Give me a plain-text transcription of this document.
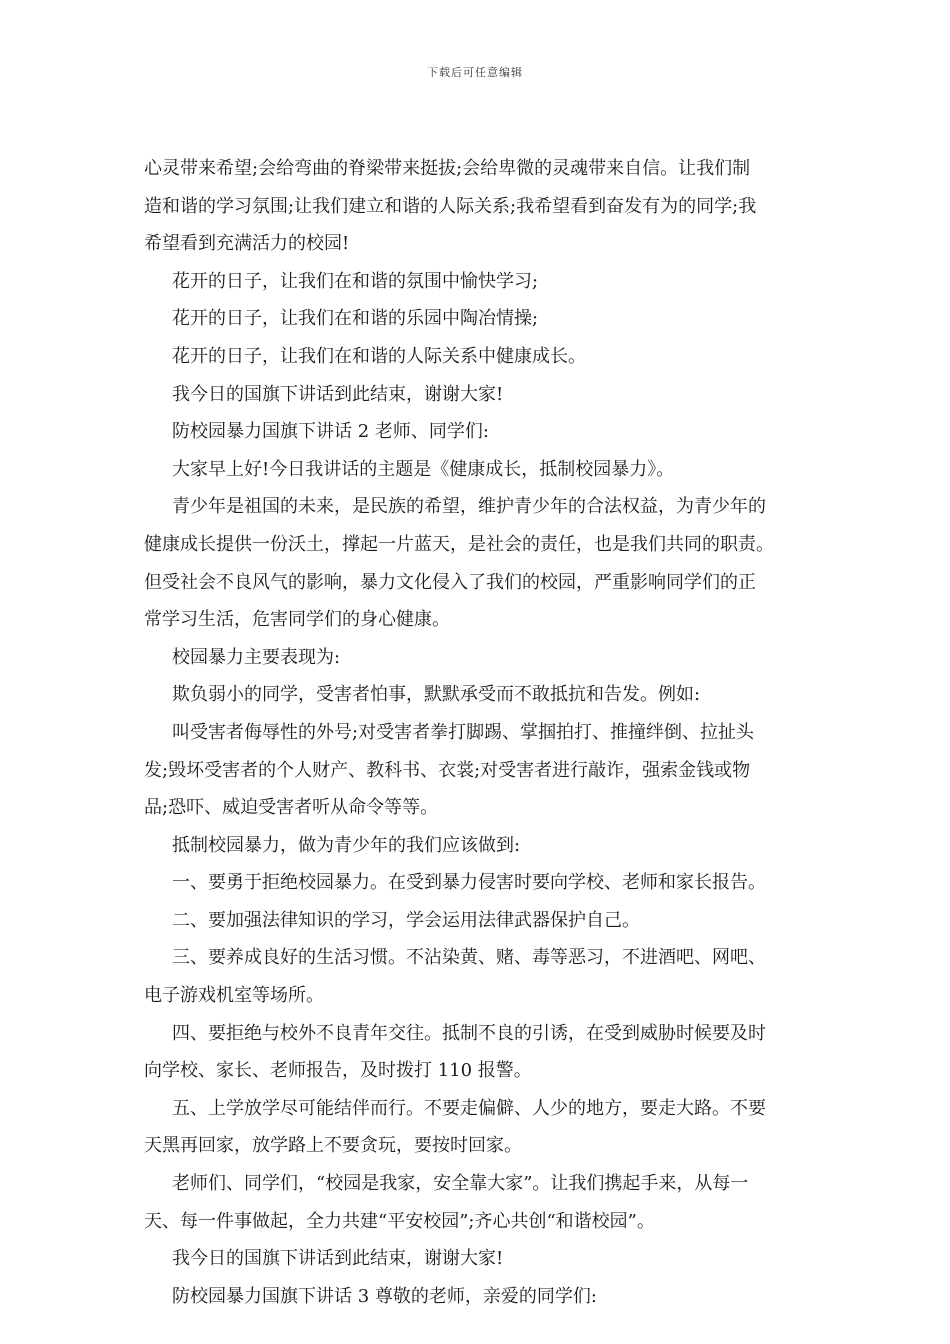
下载后可任意编辑
心灵带来希望;会给弯曲的脊梁带来挺拔;会给卑微的灵魂带来自信。让我们制
造和谐的学习氛围;让我们建立和谐的人际关系;我希望看到奋发有为的同学;我
希望看到充满活力的校园!
花开的日子，让我们在和谐的氛围中愉快学习;
花开的日子，让我们在和谐的乐园中陶冶情操;
花开的日子，让我们在和谐的人际关系中健康成长。
我今日的国旗下讲话到此结束，谢谢大家!
防校园暴力国旗下讲话 2 老师、同学们:
大家早上好!今日我讲话的主题是《健康成长，抵制校园暴力》。
青少年是祖国的未来，是民族的希望，维护青少年的合法权益，为青少年的
健康成长提供一份沃土，撑起一片蓝天，是社会的责任，也是我们共同的职责。
但受社会不良风气的影响，暴力文化侵入了我们的校园，严重影响同学们的正
常学习生活，危害同学们的身心健康。
校园暴力主要表现为:
欺负弱小的同学，受害者怕事，默默承受而不敢抵抗和告发。例如:
叫受害者侮辱性的外号;对受害者拳打脚踢、掌掴拍打、推撞绊倒、拉扯头
发;毁坏受害者的个人财产、教科书、衣裳;对受害者进行敲诈，强索金钱或物
品;恐吓、威迫受害者听从命令等等。
抵制校园暴力，做为青少年的我们应该做到:
一、要勇于拒绝校园暴力。在受到暴力侵害时要向学校、老师和家长报告。
二、要加强法律知识的学习，学会运用法律武器保护自己。
三、要养成良好的生活习惯。不沾染黄、赌、毒等恶习，不进酒吧、网吧、
电子游戏机室等场所。
四、要拒绝与校外不良青年交往。抵制不良的引诱，在受到威胁时候要及时
向学校、家长、老师报告，及时拨打 110 报警。
五、上学放学尽可能结伴而行。不要走偏僻、人少的地方，要走大路。不要
天黑再回家，放学路上不要贪玩，要按时回家。
老师们、同学们，“校园是我家，安全靠大家”。让我们携起手来，从每一
天、每一件事做起，全力共建“平安校园”;齐心共创“和谐校园”。
我今日的国旗下讲话到此结束，谢谢大家!
防校园暴力国旗下讲话 3 尊敬的老师，亲爱的同学们:
